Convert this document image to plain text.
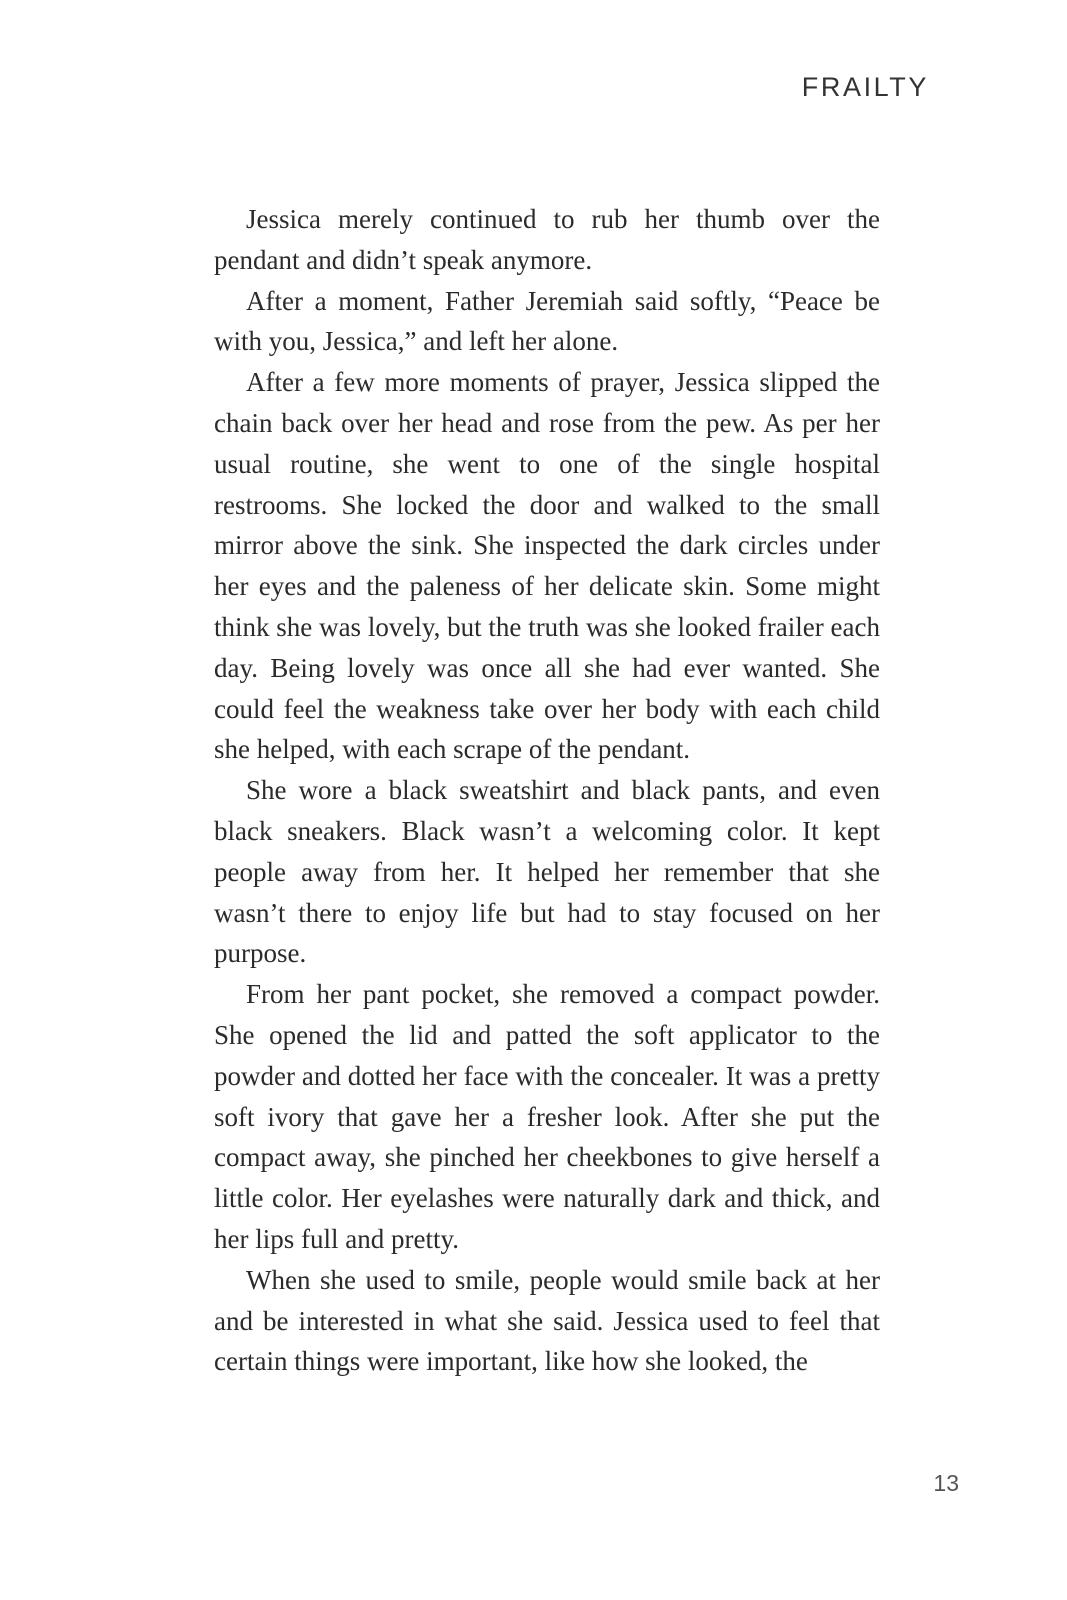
FRAILTY

Jessica merely continued to rub her thumb over the pendant and didn’t speak anymore.

After a moment, Father Jeremiah said softly, “Peace be with you, Jessica,” and left her alone.

After a few more moments of prayer, Jessica slipped the chain back over her head and rose from the pew. As per her usual routine, she went to one of the single hospital restrooms. She locked the door and walked to the small mirror above the sink. She inspected the dark circles under her eyes and the paleness of her delicate skin. Some might think she was lovely, but the truth was she looked frailer each day. Being lovely was once all she had ever wanted. She could feel the weakness take over her body with each child she helped, with each scrape of the pendant.

She wore a black sweatshirt and black pants, and even black sneakers. Black wasn’t a welcoming color. It kept people away from her. It helped her remember that she wasn’t there to enjoy life but had to stay focused on her purpose.

From her pant pocket, she removed a compact powder. She opened the lid and patted the soft applicator to the powder and dotted her face with the concealer. It was a pretty soft ivory that gave her a fresher look. After she put the compact away, she pinched her cheekbones to give herself a little color. Her eyelashes were naturally dark and thick, and her lips full and pretty.

When she used to smile, people would smile back at her and be interested in what she said. Jessica used to feel that certain things were important, like how she looked, the

13
